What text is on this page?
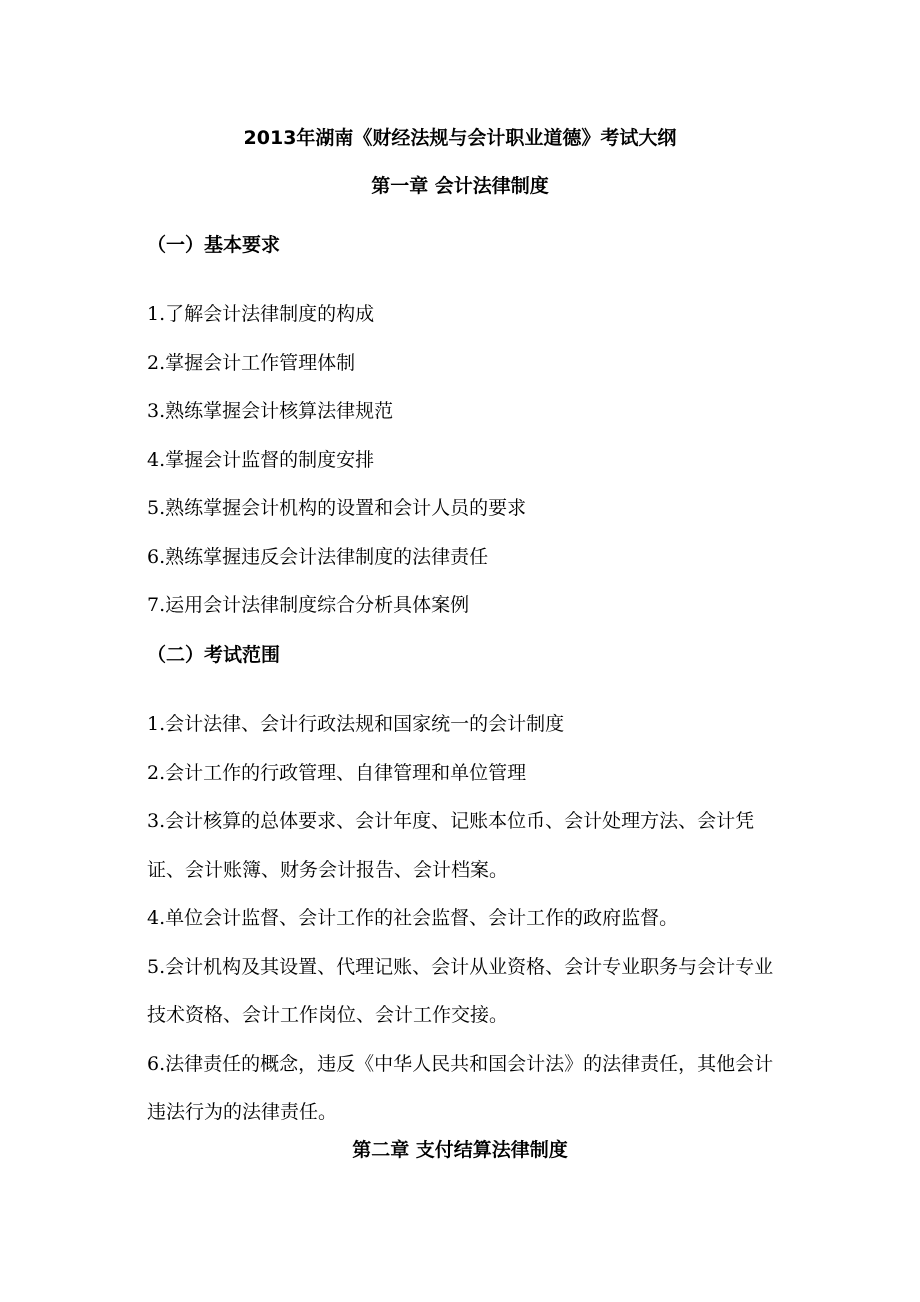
2013年湖南《财经法规与会计职业道德》考试大纲
第一章 会计法律制度
（一）基本要求
1.了解会计法律制度的构成
2.掌握会计工作管理体制
3.熟练掌握会计核算法律规范
4.掌握会计监督的制度安排
5.熟练掌握会计机构的设置和会计人员的要求
6.熟练掌握违反会计法律制度的法律责任
7.运用会计法律制度综合分析具体案例
（二）考试范围
1.会计法律、会计行政法规和国家统一的会计制度
2.会计工作的行政管理、自律管理和单位管理
3.会计核算的总体要求、会计年度、记账本位币、会计处理方法、会计凭证、会计账簿、财务会计报告、会计档案。
4.单位会计监督、会计工作的社会监督、会计工作的政府监督。
5.会计机构及其设置、代理记账、会计从业资格、会计专业职务与会计专业技术资格、会计工作岗位、会计工作交接。
6.法律责任的概念，违反《中华人民共和国会计法》的法律责任，其他会计违法行为的法律责任。
第二章 支付结算法律制度
